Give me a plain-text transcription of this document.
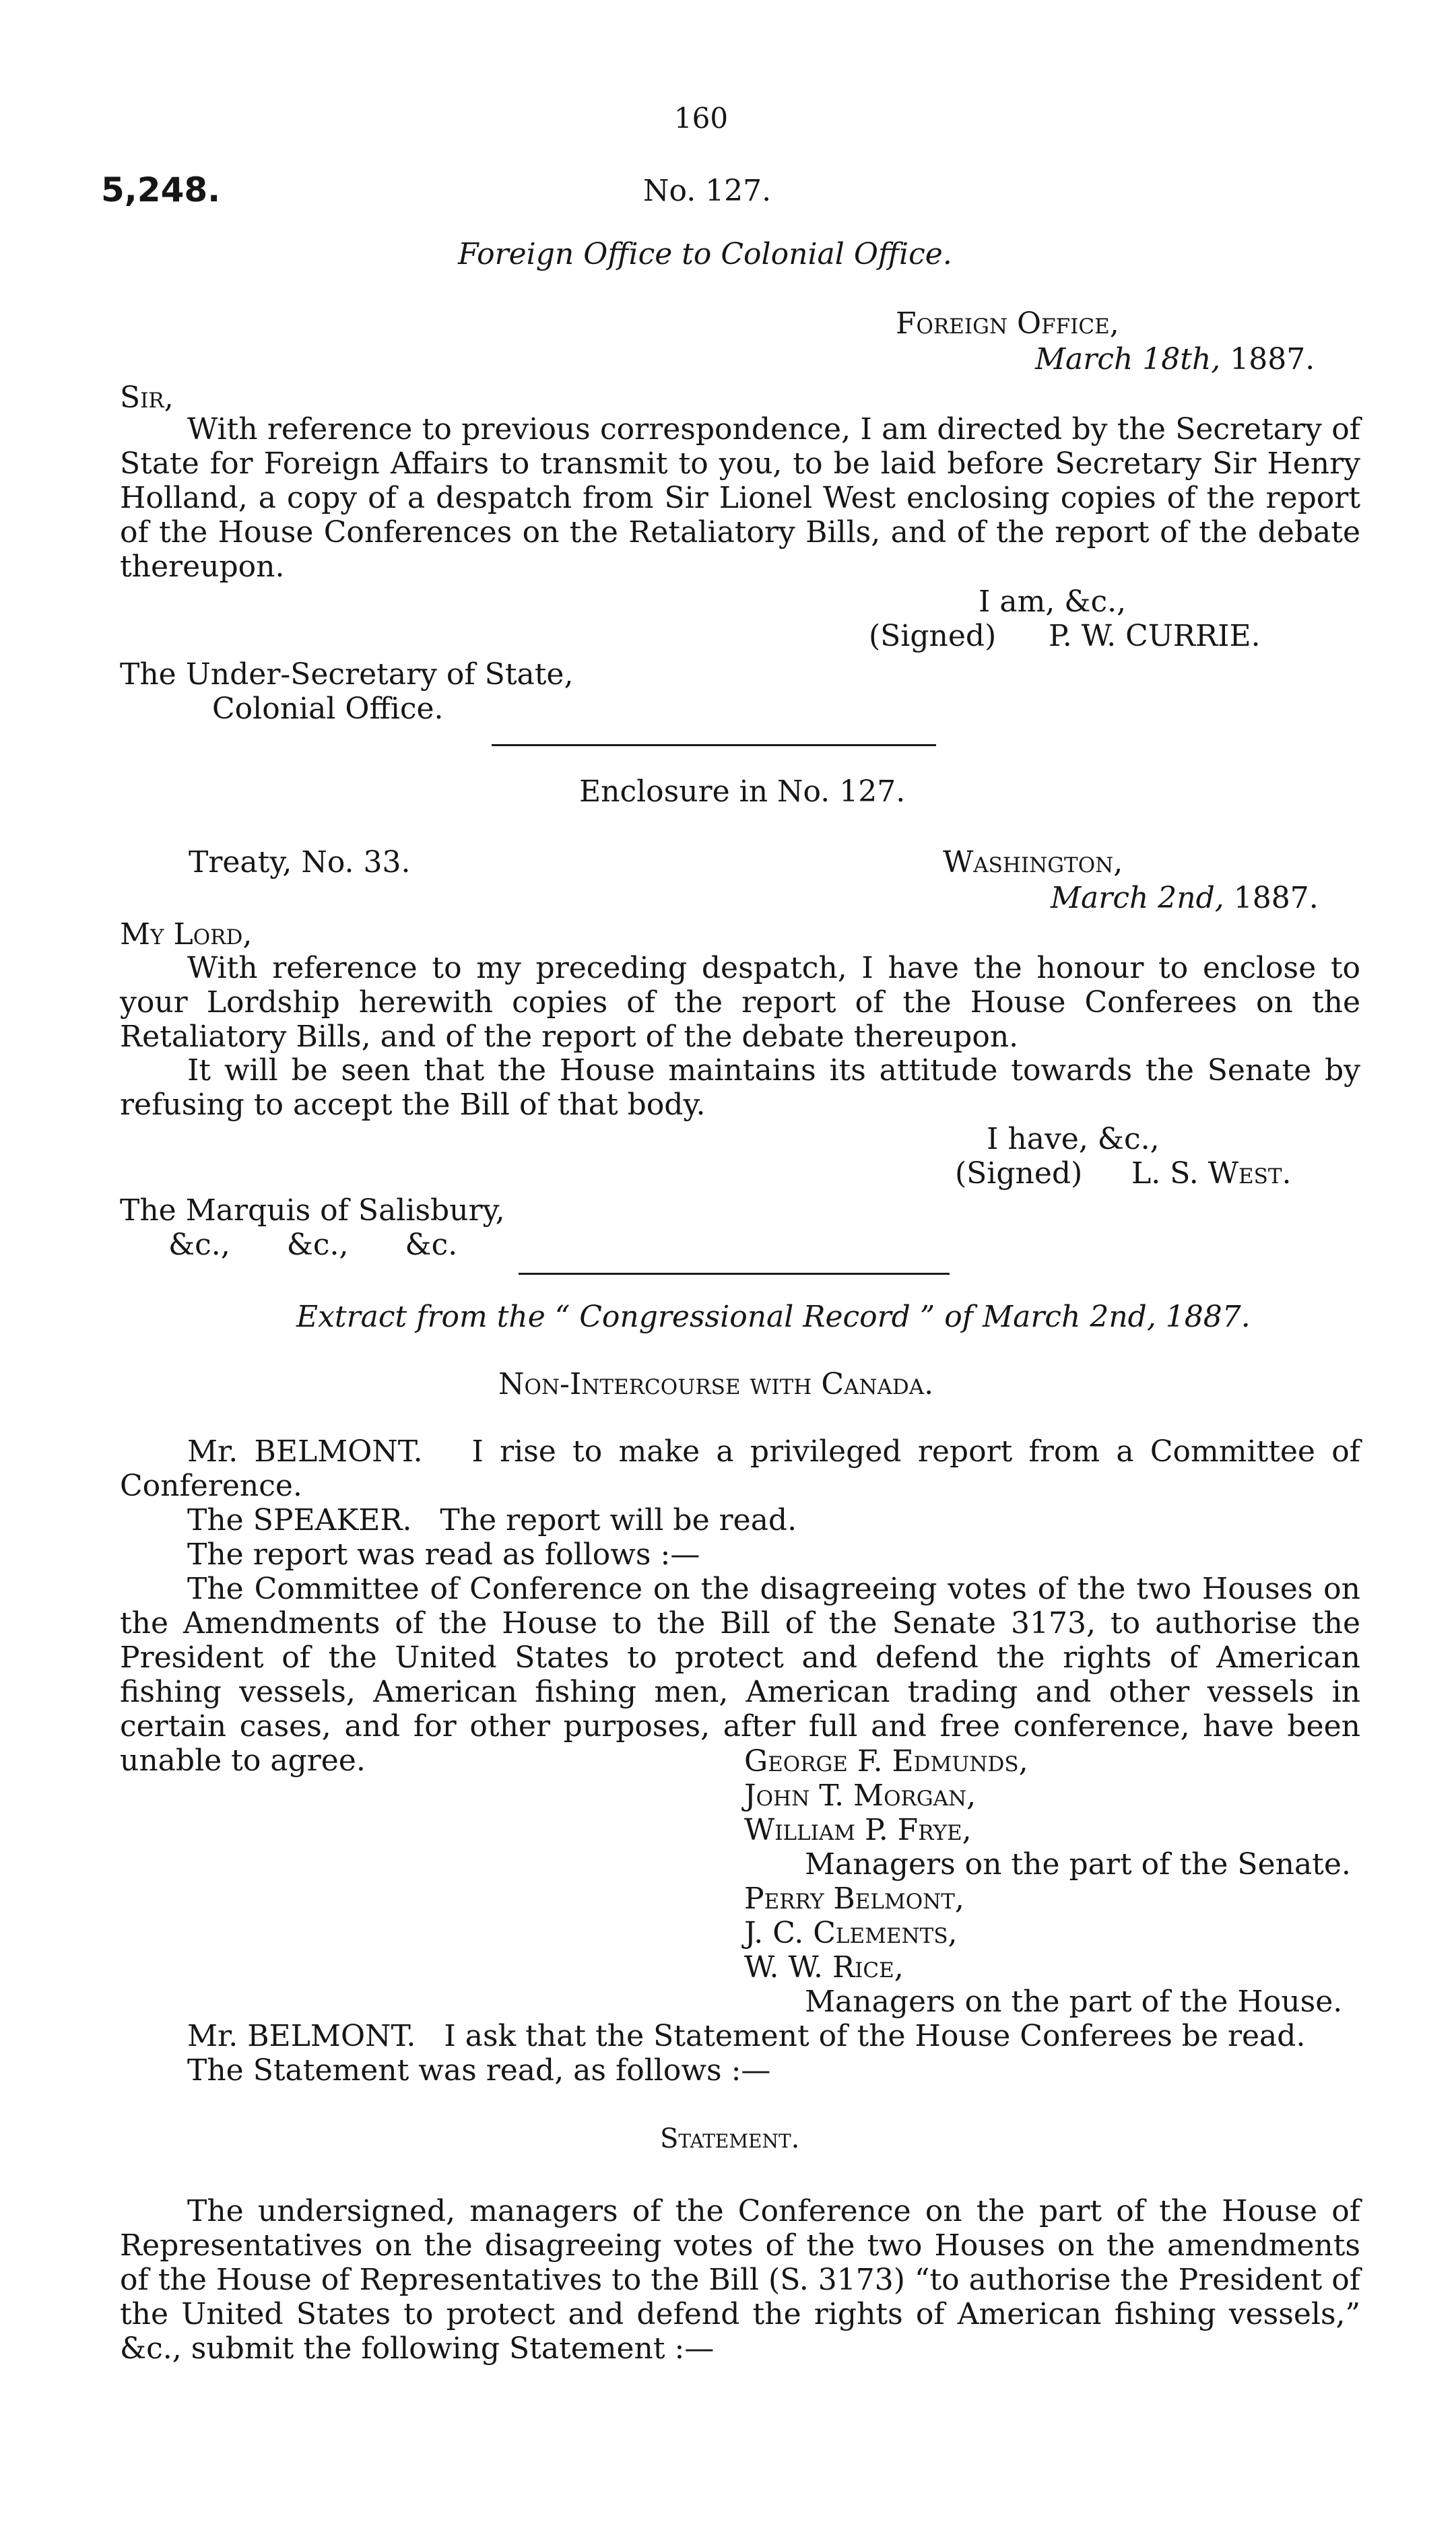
160
5,248.	No. 127.
Foreign Office to Colonial Office.
Foreign Office,
March 18th, 1887.
Sir,
With reference to previous correspondence, I am directed by the Secretary of State for Foreign Affairs to transmit to you, to be laid before Secretary Sir Henry Holland, a copy of a despatch from Sir Lionel West enclosing copies of the report of the House Conferences on the Retaliatory Bills, and of the report of the debate thereupon.
I am, &c.,
(Signed) P. W. CURRIE.
The Under-Secretary of State,
Colonial Office.
Enclosure in No. 127.
Treaty, No. 33.	Washington,
March 2nd, 1887.
My Lord,
With reference to my preceding despatch, I have the honour to enclose to your Lordship herewith copies of the report of the House Conferees on the Retaliatory Bills, and of the report of the debate thereupon.
It will be seen that the House maintains its attitude towards the Senate by refusing to accept the Bill of that body.
I have, &c.,
(Signed) L. S. West.
The Marquis of Salisbury,
&c.,      &c.,      &c.
Extract from the “ Congressional Record ” of March 2nd, 1887.
Non-Intercourse with Canada.
Mr. BELMONT.   I rise to make a privileged report from a Committee of Conference.
The SPEAKER.   The report will be read.
The report was read as follows :—
The Committee of Conference on the disagreeing votes of the two Houses on the Amendments of the House to the Bill of the Senate 3173, to authorise the President of the United States to protect and defend the rights of American fishing vessels, American fishing men, American trading and other vessels in certain cases, and for other purposes, after full and free conference, have been unable to agree.	George F. Edmunds,
John T. Morgan,
William P. Frye,
Managers on the part of the Senate.
Perry Belmont,
J. C. Clements,
W. W. Rice,
Managers on the part of the House.
Mr. BELMONT.   I ask that the Statement of the House Conferees be read.
The Statement was read, as follows :—
Statement.
The undersigned, managers of the Conference on the part of the House of Representatives on the disagreeing votes of the two Houses on the amendments of the House of Representatives to the Bill (S. 3173) “to authorise the President of the United States to protect and defend the rights of American fishing vessels,” &c., submit the following Statement :—
